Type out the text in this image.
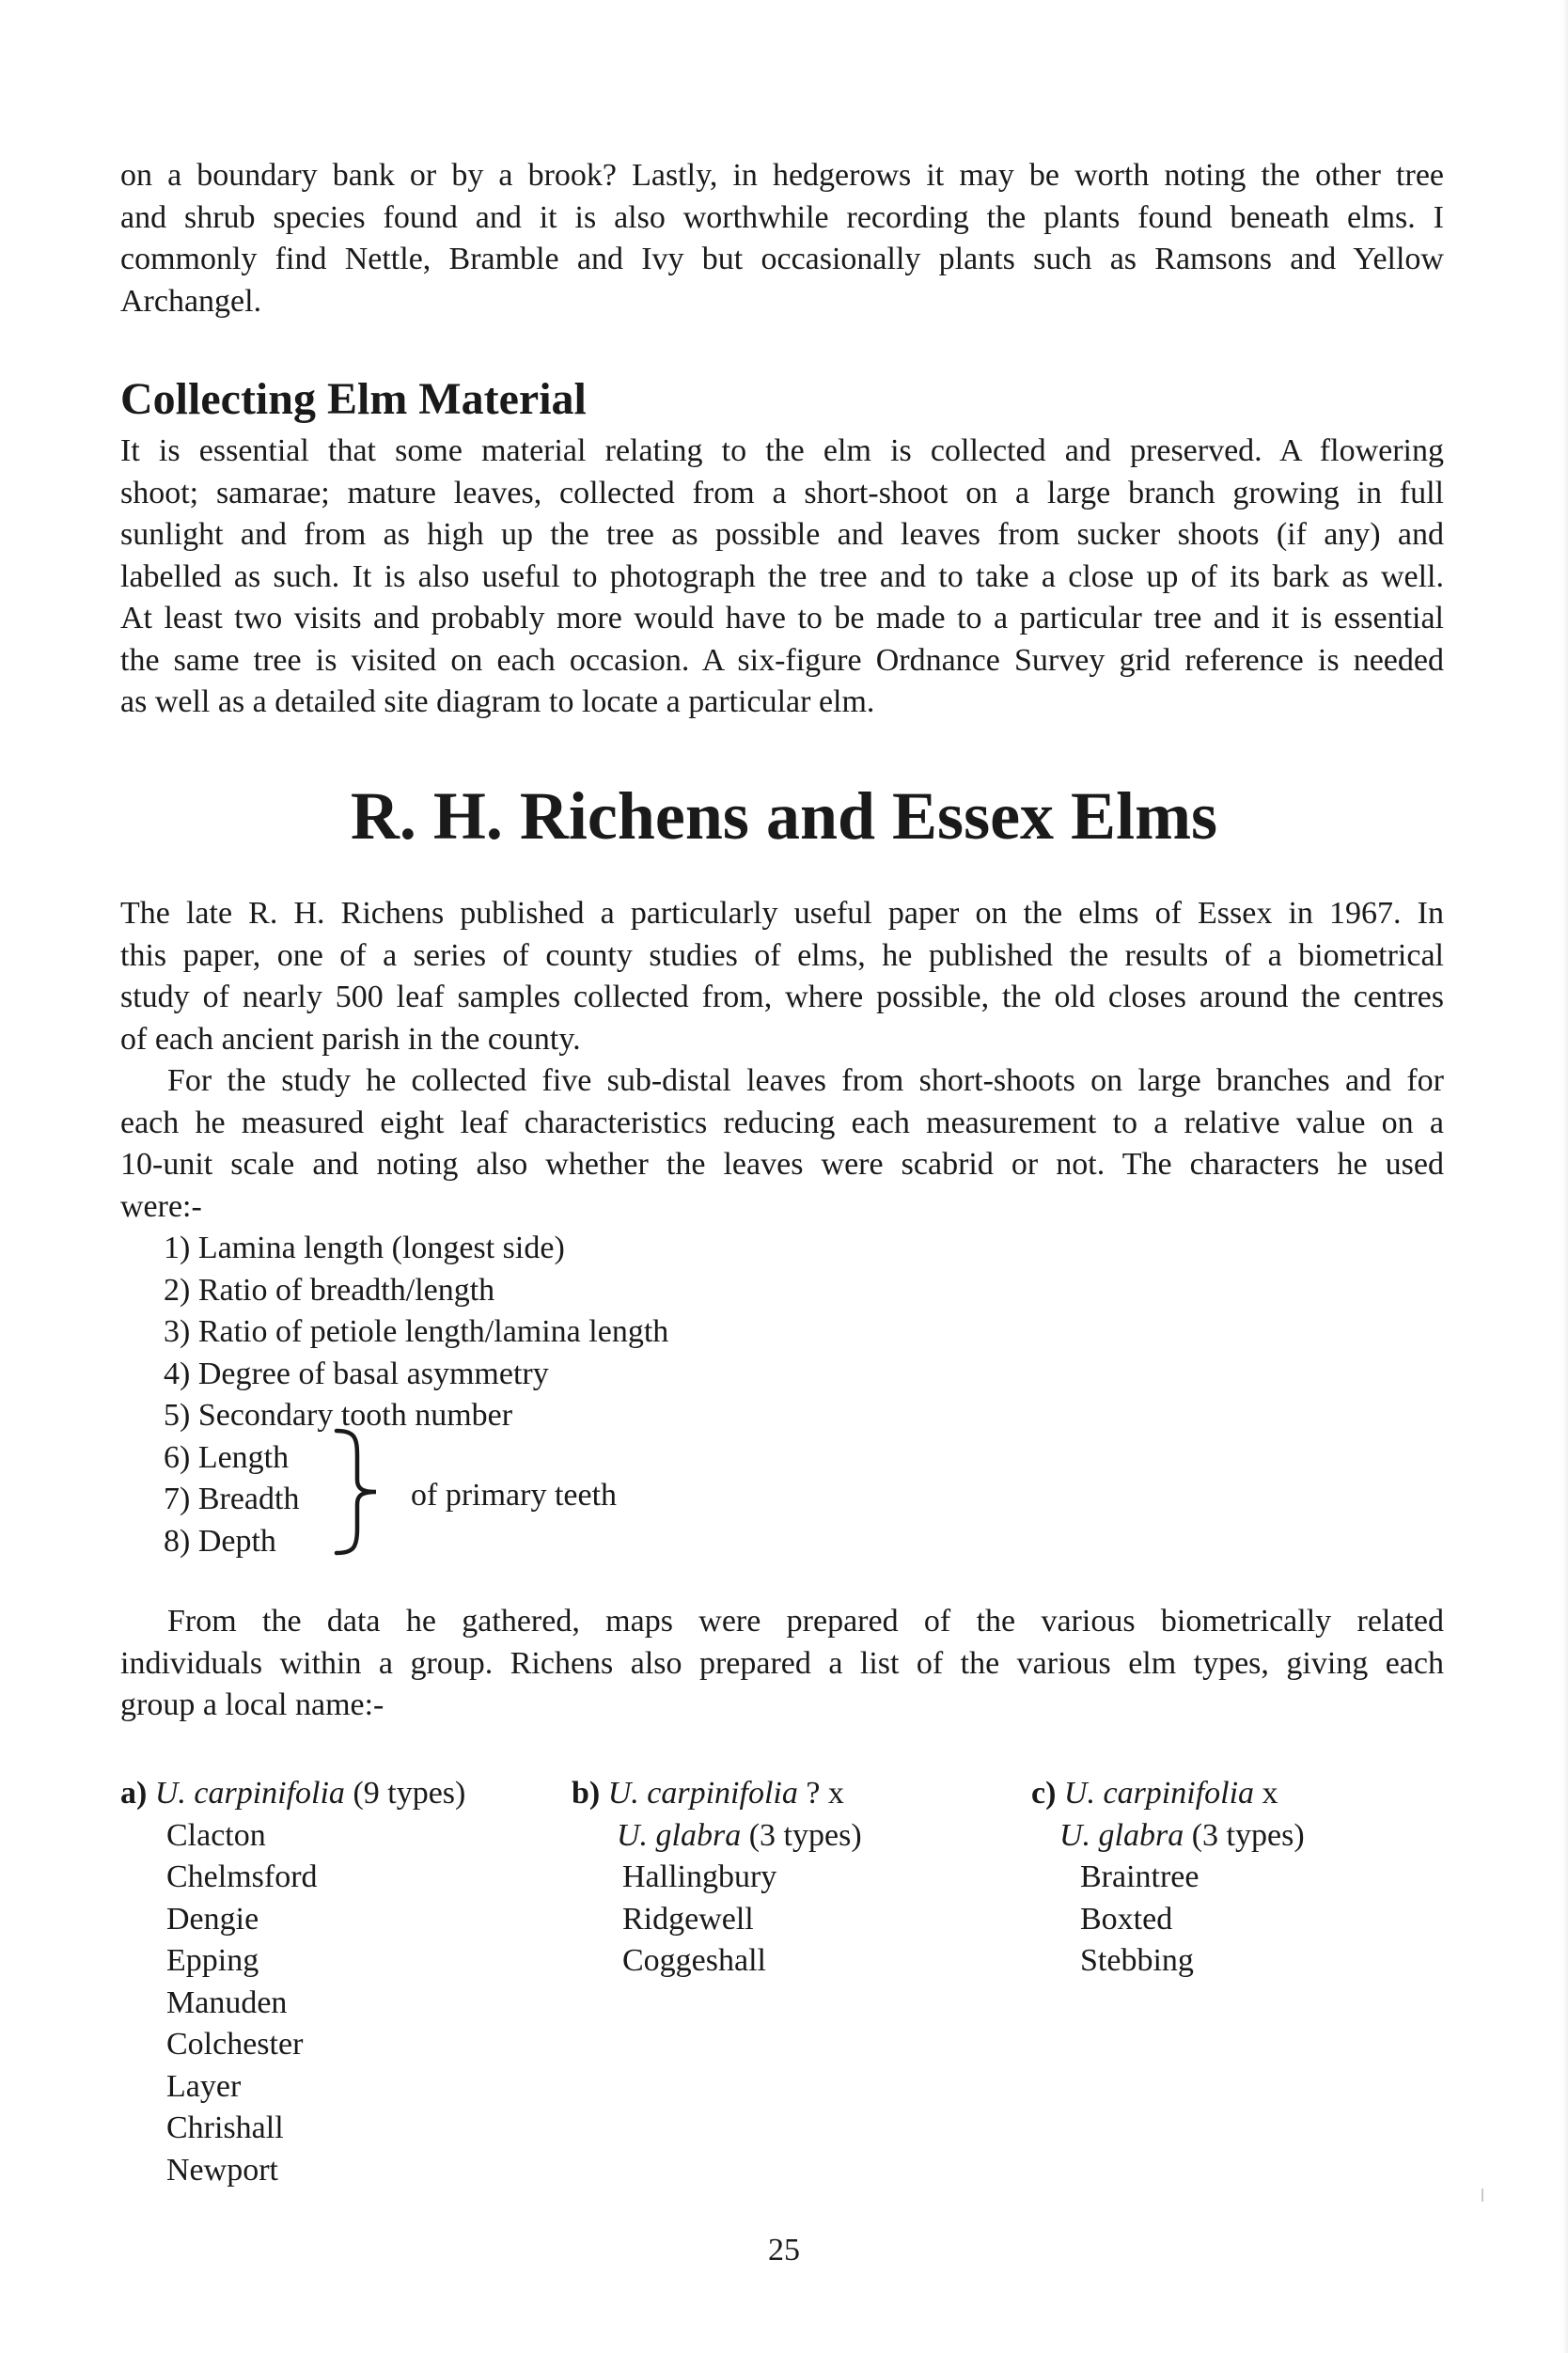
on a boundary bank or by a brook? Lastly, in hedgerows it may be worth noting the other tree
and shrub species found and it is also worthwhile recording the plants found beneath elms. I
commonly find Nettle, Bramble and Ivy but occasionally plants such as Ramsons and Yellow
Archangel.

Collecting Elm Material

It is essential that some material relating to the elm is collected and preserved. A flowering
shoot; samarae; mature leaves, collected from a short-shoot on a large branch growing in full
sunlight and from as high up the tree as possible and leaves from sucker shoots (if any) and
labelled as such. It is also useful to photograph the tree and to take a close up of its bark as well.
At least two visits and probably more would have to be made to a particular tree and it is essential
the same tree is visited on each occasion. A six-figure Ordnance Survey grid reference is needed
as well as a detailed site diagram to locate a particular elm.

R. H. Richens and Essex Elms

The late R. H. Richens published a particularly useful paper on the elms of Essex in 1967. In
this paper, one of a series of county studies of elms, he published the results of a biometrical
study of nearly 500 leaf samples collected from, where possible, the old closes around the centres
of each ancient parish in the county.

For the study he collected five sub-distal leaves from short-shoots on large branches and for
each he measured eight leaf characteristics reducing each measurement to a relative value on a
10-unit scale and noting also whether the leaves were scabrid or not. The characters he used
were:-

1) Lamina length (longest side)
2) Ratio of breadth/length
3) Ratio of petiole length/lamina length
4) Degree of basal asymmetry
5) Secondary tooth number
6) Length
7) Breadth
8) Depth
of primary teeth

From the data he gathered, maps were prepared of the various biometrically related
individuals within a group. Richens also prepared a list of the various elm types, giving each
group a local name:-

a) U. carpinifolia (9 types)
Clacton
Chelmsford
Dengie
Epping
Manuden
Colchester
Layer
Chrishall
Newport
b) U. carpinifolia ? x
U. glabra (3 types)
Hallingbury
Ridgewell
Coggeshall
c) U. carpinifolia x
U. glabra (3 types)
Braintree
Boxted
Stebbing
25
